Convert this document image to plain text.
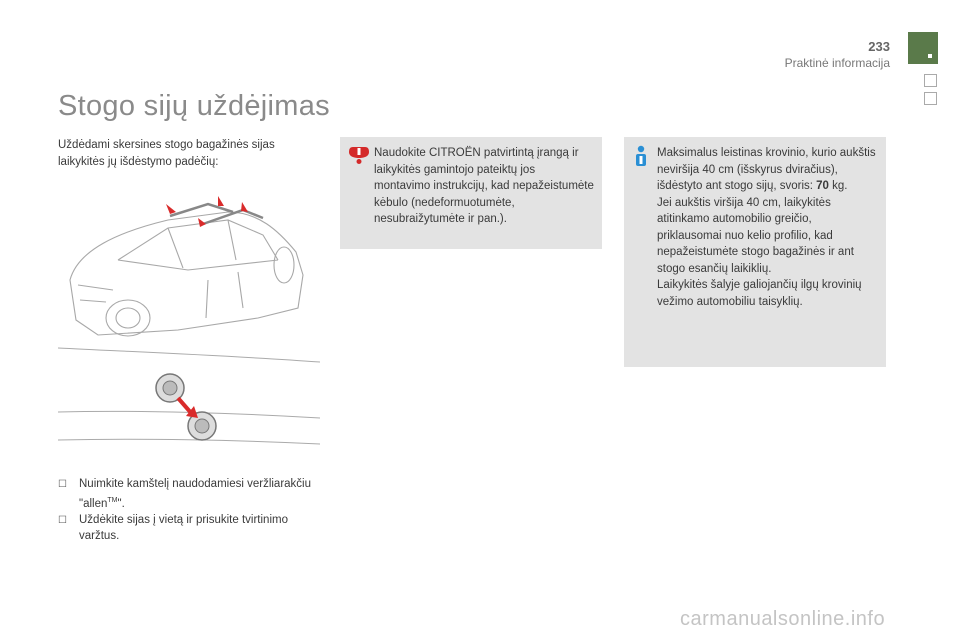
233
Praktinė informacija
Stogo sijų uždėjimas
Uždėdami skersines stogo bagažinės sijas laikykitės jų išdėstymo padėčių:
Naudokite CITROËN patvirtintą įrangą ir laikykitės gamintojo pateiktų jos montavimo instrukcijų, kad nepažeistumėte kėbulo (nedeformuotumėte, nesubraižytumėte ir pan.).
Maksimalus leistinas krovinio, kurio aukštis neviršija 40 cm (išskyrus dviračius), išdėstyto ant stogo sijų, svoris: 70 kg.
Jei aukštis viršija 40 cm, laikykitės atitinkamo automobilio greičio, priklausomai nuo kelio profilio, kad nepažeistumėte stogo bagažinės ir ant stogo esančių laikiklių.
Laikykitės šalyje galiojančių ilgų krovinių vežimo automobiliu taisyklių.
☐	Nuimkite kamštelį naudodamiesi veržliarakčiu "allen™".
☐	Uždėkite sijas į vietą ir prisukite tvirtinimo varžtus.
carmanualsonline.info
